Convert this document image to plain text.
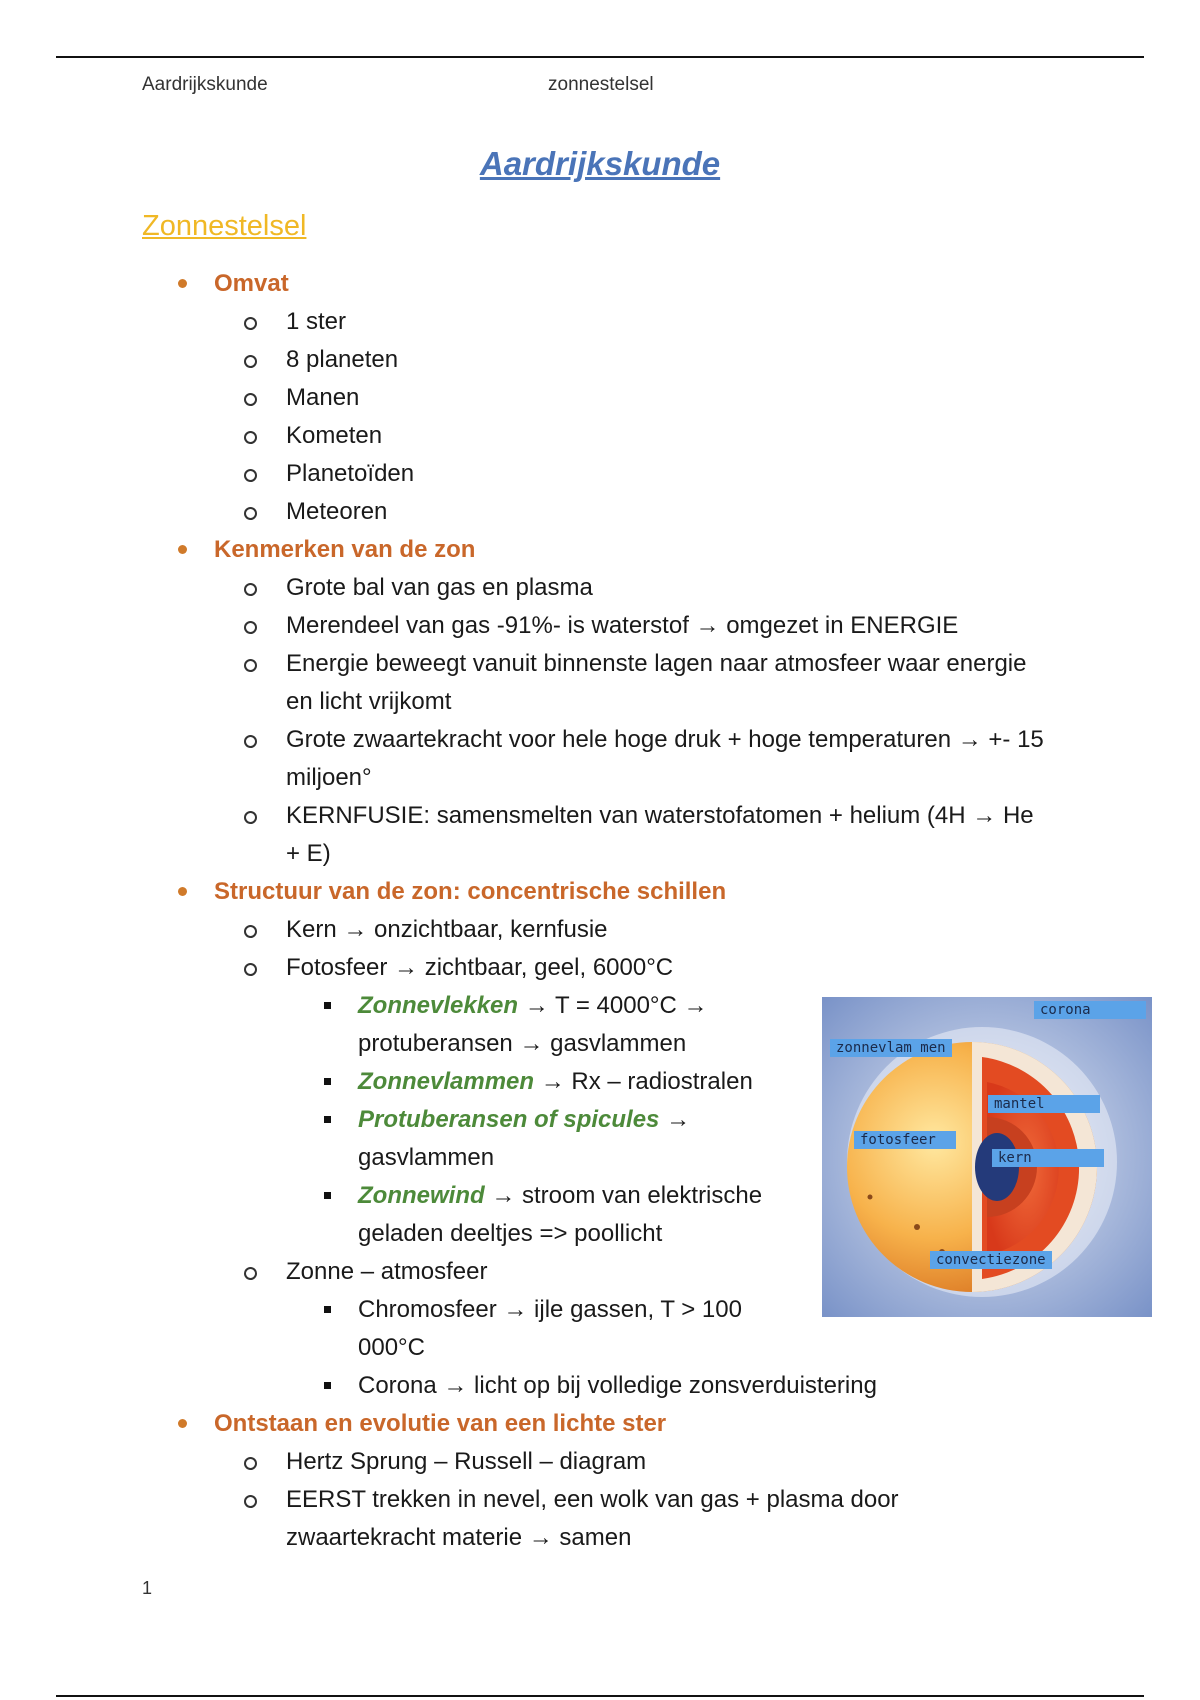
Aardrijkskunde	zonnestelsel
Aardrijkskunde
Zonnestelsel
Omvat
1 ster
8 planeten
Manen
Kometen
Planetoïden
Meteoren
Kenmerken van de zon
Grote bal van gas en plasma
Merendeel van gas -91%- is waterstof → omgezet in ENERGIE
Energie beweegt vanuit binnenste lagen naar atmosfeer waar energie en licht vrijkomt
Grote zwaartekracht voor hele hoge druk + hoge temperaturen → +- 15 miljoen°
KERNFUSIE: samensmelten van waterstofatomen + helium (4H → He + E)
Structuur van de zon: concentrische schillen
Kern → onzichtbaar, kernfusie
Fotosfeer → zichtbaar, geel, 6000°C
Zonnevlekken → T = 4000°C → protuberansen → gasvlammen
Zonnevlammen → Rx – radiostralen
Protuberansen of spicules → gasvlammen
Zonnewind → stroom van elektrische geladen deeltjes => poollicht
Zonne – atmosfeer
Chromosfeer → ijle gassen, T > 100 000°C
Corona → licht op bij volledige zonsverduistering
Ontstaan en evolutie van een lichte ster
Hertz Sprung – Russell – diagram
EERST trekken in nevel, een wolk van gas + plasma door zwaartekracht materie → samen
corona
zonnevlam men
mantel
fotosfeer
kern
convectiezone
1
